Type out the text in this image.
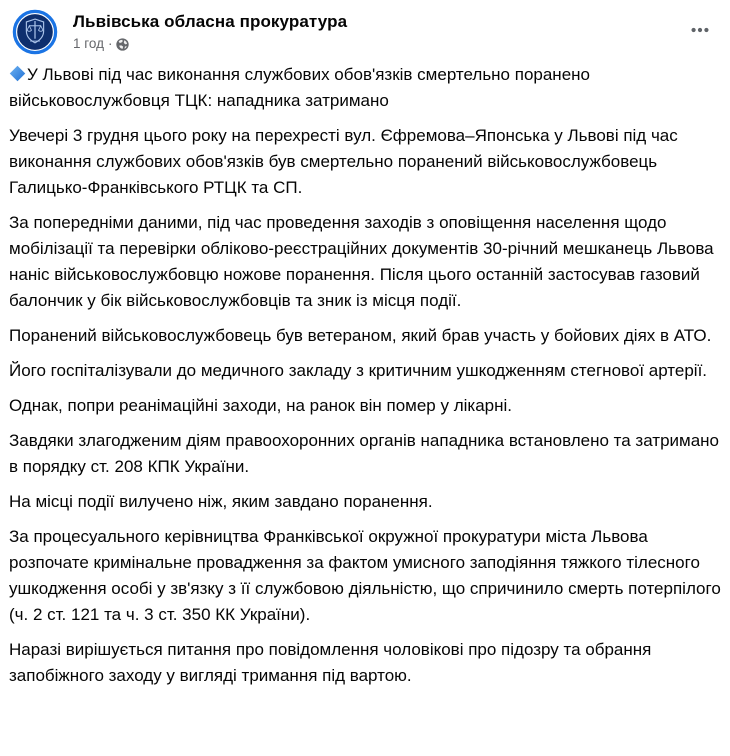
Львівська обласна прокуратура
1 год ·

У Львові під час виконання службових обов'язків смертельно поранено військовослужбовця ТЦК: нападника затримано

Увечері 3 грудня цього року на перехресті вул. Єфремова–Японська у Львові під час виконання службових обов'язків був смертельно поранений військовослужбовець Галицько-Франківського РТЦК та СП.

За попередніми даними, під час проведення заходів з оповіщення населення щодо мобілізації та перевірки обліково-реєстраційних документів 30-річний мешканець Львова наніс військовослужбовцю ножове поранення. Після цього останній застосував газовий балончик у бік військовослужбовців та зник із місця події.

Поранений військовослужбовець був ветераном, який брав участь у бойових діях в АТО.

Його госпіталізували до медичного закладу з критичним ушкодженням стегнової артерії.

Однак, попри реанімаційні заходи, на ранок він помер у лікарні.

Завдяки злагодженим діям правоохоронних органів нападника встановлено та затримано в порядку ст. 208 КПК України.

На місці події вилучено ніж, яким завдано поранення.

За процесуального керівництва Франківської окружної прокуратури міста Львова розпочате кримінальне провадження за фактом умисного заподіяння тяжкого тілесного ушкодження особі у зв'язку з її службовою діяльністю, що спричинило смерть потерпілого (ч. 2 ст. 121 та ч. 3 ст. 350 КК України).

Наразі вирішується питання про повідомлення чоловікові про підозру та обрання запобіжного заходу у вигляді тримання під вартою.
